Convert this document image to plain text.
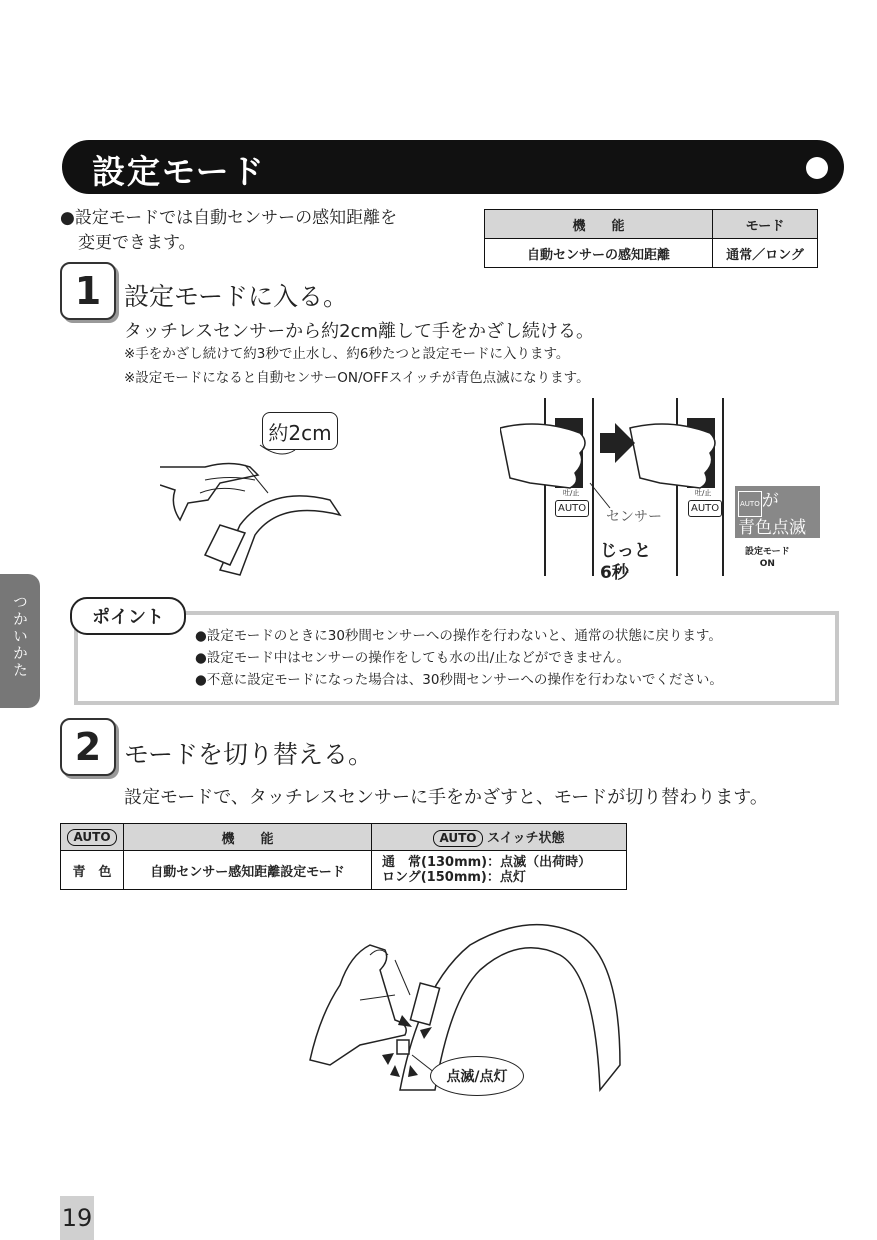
設定モード
●設定モードでは自動センサーの感知距離を
変更できます。
機　　能	モード
自動センサーの感知距離	通常／ロング
1 設定モードに入る。
タッチレスセンサーから約2cm離して手をかざし続ける。
※手をかざし続けて約3秒で止水し、約6秒たつと設定モードに入ります。
※設定モードになると自動センサーON/OFFスイッチが青色点滅になります。
約2cm
吐/止
AUTO
吐/止
AUTO
センサー
じっと
6秒
AUTO が
青色点滅
設定モード
ON
つかいかた	ポイント
●設定モードのときに30秒間センサーへの操作を行わないと、通常の状態に戻ります。
●設定モード中はセンサーの操作をしても水の出/止などができません。
●不意に設定モードになった場合は、30秒間センサーへの操作を行わないでください。
2 モードを切り替える。
設定モードで、タッチレスセンサーに手をかざすと、モードが切り替わります。
AUTO	機　　能	AUTO スイッチ状態
青　色	自動センサー感知距離設定モード	通　常(130mm)：点滅（出荷時）
ロング(150mm)：点灯
点滅/点灯
19
